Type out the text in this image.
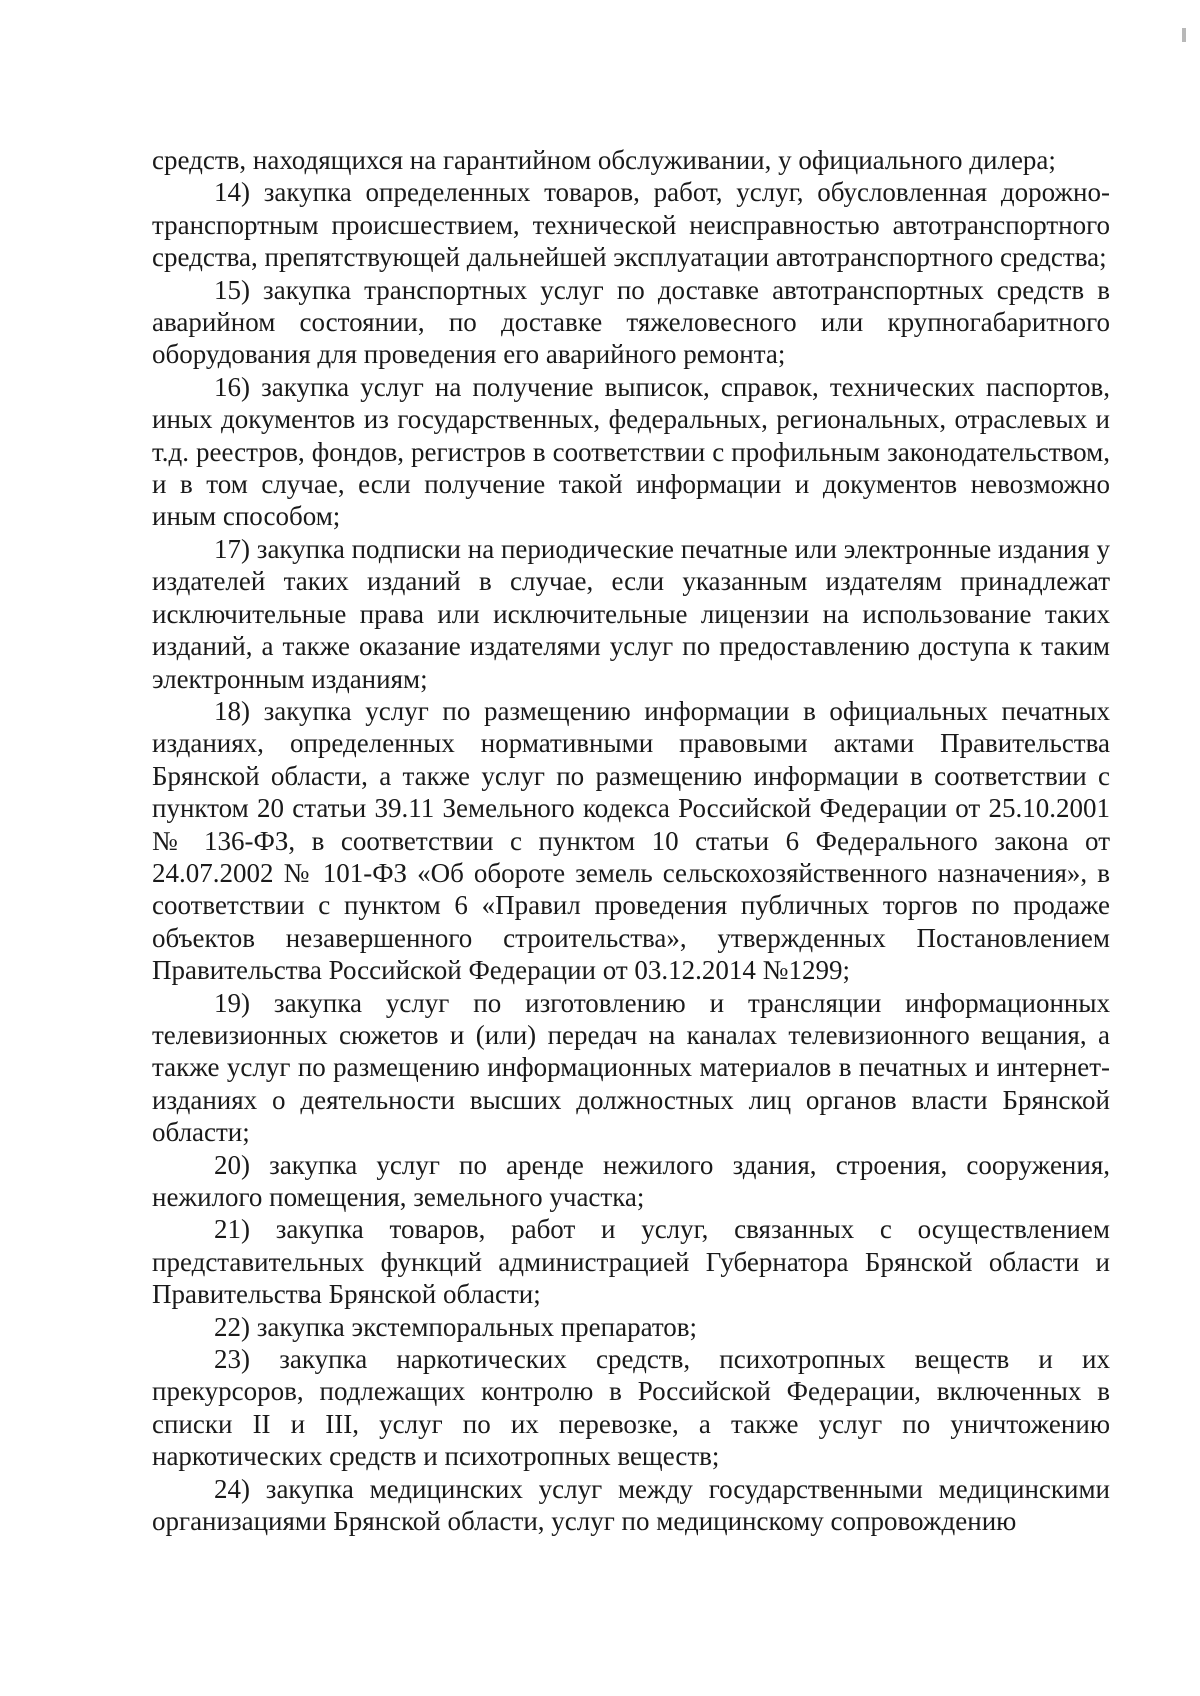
средств, находящихся на гарантийном обслуживании, у официального дилера;

14) закупка определенных товаров, работ, услуг, обусловленная дорожно-транспортным происшествием, технической неисправностью автотранспортного средства, препятствующей дальнейшей эксплуатации автотранспортного средства;

15) закупка транспортных услуг по доставке автотранспортных средств в аварийном состоянии, по доставке тяжеловесного или крупногабаритного оборудования для проведения его аварийного ремонта;

16) закупка услуг на получение выписок, справок, технических паспортов, иных документов из государственных, федеральных, региональных, отраслевых и т.д. реестров, фондов, регистров в соответствии с профильным законодательством, и в том случае, если получение такой информации и документов невозможно иным способом;

17) закупка подписки на периодические печатные или электронные издания у издателей таких изданий в случае, если указанным издателям принадлежат исключительные права или исключительные лицензии на использование таких изданий, а также оказание издателями услуг по предоставлению доступа к таким электронным изданиям;

18) закупка услуг по размещению информации в официальных печатных изданиях, определенных нормативными правовыми актами Правительства Брянской области, а также услуг по размещению информации в соответствии с пунктом 20 статьи 39.11 Земельного кодекса Российской Федерации от 25.10.2001 № 136-ФЗ, в соответствии с пунктом 10 статьи 6 Федерального закона от 24.07.2002 № 101-ФЗ «Об обороте земель сельскохозяйственного назначения», в соответствии с пунктом 6 «Правил проведения публичных торгов по продаже объектов незавершенного строительства», утвержденных Постановлением Правительства Российской Федерации от 03.12.2014 №1299;

19) закупка услуг по изготовлению и трансляции информационных телевизионных сюжетов и (или) передач на каналах телевизионного вещания, а также услуг по размещению информационных материалов в печатных и интернет-изданиях о деятельности высших должностных лиц органов власти Брянской области;

20) закупка услуг по аренде нежилого здания, строения, сооружения, нежилого помещения, земельного участка;

21) закупка товаров, работ и услуг, связанных с осуществлением представительных функций администрацией Губернатора Брянской области и Правительства Брянской области;

22) закупка экстемпоральных препаратов;

23) закупка наркотических средств, психотропных веществ и их прекурсоров, подлежащих контролю в Российской Федерации, включенных в списки II и III, услуг по их перевозке, а также услуг по уничтожению наркотических средств и психотропных веществ;

24) закупка медицинских услуг между государственными медицинскими организациями Брянской области, услуг по медицинскому сопровождению
